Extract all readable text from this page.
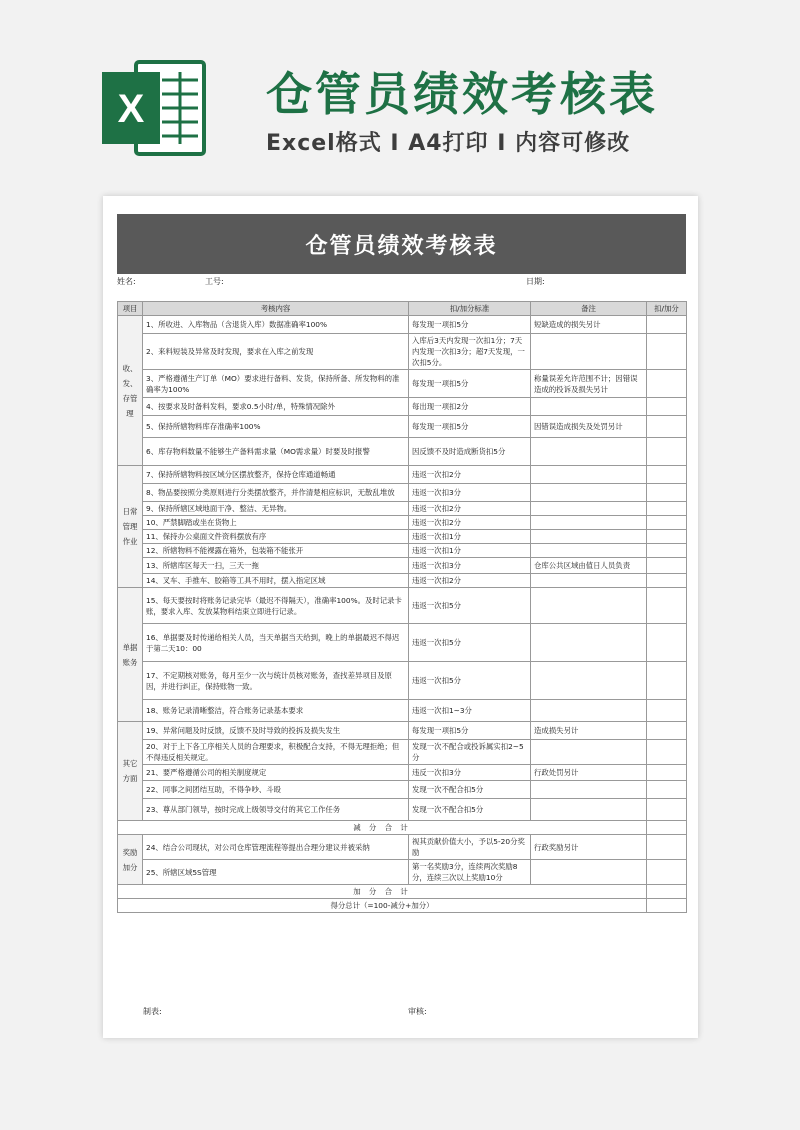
X	仓管员绩效考核表
Excel格式 I A4打印 I 内容可修改
仓管员绩效考核表
姓名:	工号:	日期:
项目	考核内容	扣/加分标准	备注	扣/加分
收、发、存管理	1、所收进、入库物品（含退货入库）数据准确率100%	每发现一项扣5分	短缺造成的损失另计	
	2、来料短装及异常及时发现，要求在入库之前发现	入库后3天内发现一次扣1分；7天内发现一次扣3分；超7天发现，一次扣5分。		
	3、严格遵循生产订单（MO）要求进行备料、发货，保持所备、所发物料的准确率为100%	每发现一项扣5分	称量误差允许范围不计；因错误造成的投诉及损失另计	
	4、按要求及时备料发料，要求0.5小时/单，特殊情况除外	每出现一项扣2分		
	5、保持所辖物料库存准确率100%	每发现一项扣5分	因错误造成损失及处罚另计	
	6、库存物料数量不能够生产备料需求量（MO需求量）时要及时报警	因反馈不及时造成断货扣5分		
日常管理作业	7、保持所辖物料按区域分区摆放整齐，保持仓库通道畅通	违返一次扣2分		
	8、物品要按照分类原则进行分类摆放整齐，并作清楚相应标识，无散乱堆放	违返一次扣3分		
	9、保持所辖区域地面干净、整洁、无异物。	违返一次扣2分		
	10、严禁脚踏或坐在货物上	违返一次扣2分		
	11、保持办公桌面文件资料摆放有序	违返一次扣1分		
	12、所辖物料不能裸露在箱外，包装箱不能张开	违返一次扣1分		
	13、所辖库区每天一扫，三天一拖	违返一次扣3分	仓库公共区域由值日人员负责	
	14、叉车、手推车、胶箱等工具不用时，摆入指定区域	违返一次扣2分		
单据账务	15、每天要按时将账务记录完毕（最迟不得隔天），准确率100%。及时记录卡账，要求入库、发放某物料结束立即进行记录。	违返一次扣5分		
	16、单据要及时传递给相关人员，当天单据当天给到，晚上的单据最迟不得迟于第二天10：00	违返一次扣5分		
	17、不定期核对账务，每月至少一次与统计员核对账务，查找差异项目及原因，并进行纠正，保持账物一致。	违返一次扣5分		
	18、账务记录清晰整洁，符合账务记录基本要求	违返一次扣1~3分		
其它方面	19、异常问题及时反馈，反馈不及时导致的投拆及损失发生	每发现一项扣5分	造成损失另计	
	20、对于上下各工序相关人员的合理要求，积极配合支持，不得无理拒绝；但不得违反相关规定。	发现一次不配合或投诉属实扣2~5分		
	21、要严格遵循公司的相关制度规定	违反一次扣3分	行政处罚另计	
	22、同事之间团结互助，不得争吵、斗殴	发现一次不配合扣5分		
	23、尊从部门领导，按时完成上级领导交付的其它工作任务	发现一次不配合扣5分		
减 分 合 计				
奖励加分	24、结合公司现状，对公司仓库管理流程等提出合理分建议并被采纳	视其贡献价值大小，予以5-20分奖励	行政奖励另计	
	25、所辖区域5S管理	第一名奖励3分，连续两次奖励8分，连续三次以上奖励10分		
加 分 合 计				
得分总计（=100-减分+加分）				
制表:	审核:
